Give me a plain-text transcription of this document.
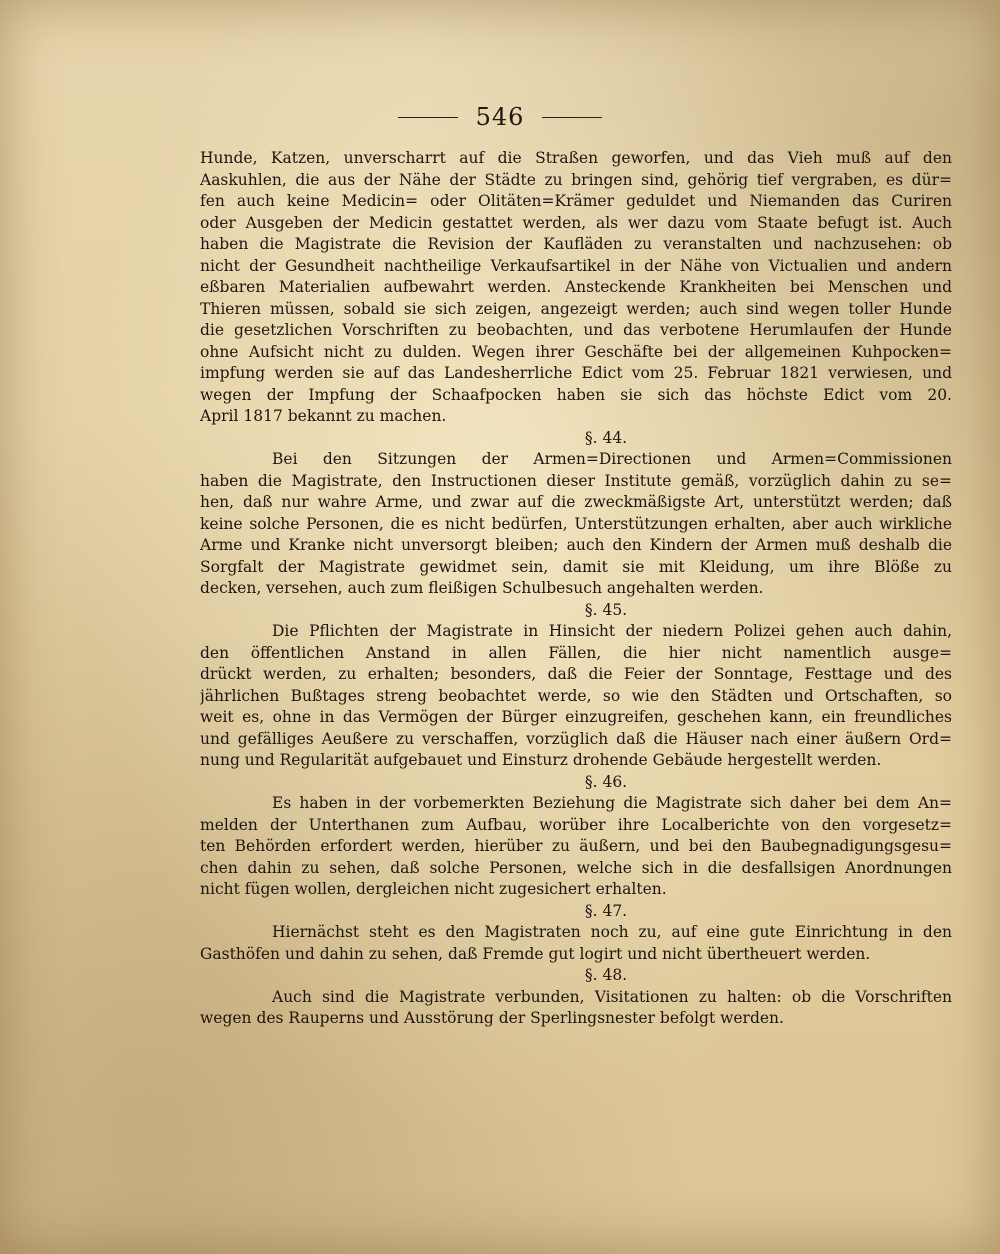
546
Hunde, Katzen, unverscharrt auf die Straßen geworfen, und das Vieh muß auf den
Aaskuhlen, die aus der Nähe der Städte zu bringen sind, gehörig tief vergraben, es dür=
fen auch keine Medicin= oder Olitäten=Krämer geduldet und Niemanden das Curiren
oder Ausgeben der Medicin gestattet werden, als wer dazu vom Staate befugt ist. Auch
haben die Magistrate die Revision der Kaufläden zu veranstalten und nachzusehen: ob
nicht der Gesundheit nachtheilige Verkaufsartikel in der Nähe von Victualien und andern
eßbaren Materialien aufbewahrt werden. Ansteckende Krankheiten bei Menschen und
Thieren müssen, sobald sie sich zeigen, angezeigt werden; auch sind wegen toller Hunde
die gesetzlichen Vorschriften zu beobachten, und das verbotene Herumlaufen der Hunde
ohne Aufsicht nicht zu dulden. Wegen ihrer Geschäfte bei der allgemeinen Kuhpocken=
impfung werden sie auf das Landesherrliche Edict vom 25. Februar 1821 verwiesen, und
wegen der Impfung der Schaafpocken haben sie sich das höchste Edict vom 20.
April 1817 bekannt zu machen.
§. 44.
Bei den Sitzungen der Armen=Directionen und Armen=Commissionen
haben die Magistrate, den Instructionen dieser Institute gemäß, vorzüglich dahin zu se=
hen, daß nur wahre Arme, und zwar auf die zweckmäßigste Art, unterstützt werden; daß
keine solche Personen, die es nicht bedürfen, Unterstützungen erhalten, aber auch wirkliche
Arme und Kranke nicht unversorgt bleiben; auch den Kindern der Armen muß deshalb die
Sorgfalt der Magistrate gewidmet sein, damit sie mit Kleidung, um ihre Blöße zu
decken, versehen, auch zum fleißigen Schulbesuch angehalten werden.
§. 45.
Die Pflichten der Magistrate in Hinsicht der niedern Polizei gehen auch dahin,
den öffentlichen Anstand in allen Fällen, die hier nicht namentlich ausge=
drückt werden, zu erhalten; besonders, daß die Feier der Sonntage, Festtage und des
jährlichen Bußtages streng beobachtet werde, so wie den Städten und Ortschaften, so
weit es, ohne in das Vermögen der Bürger einzugreifen, geschehen kann, ein freundliches
und gefälliges Aeußere zu verschaffen, vorzüglich daß die Häuser nach einer äußern Ord=
nung und Regularität aufgebauet und Einsturz drohende Gebäude hergestellt werden.
§. 46.
Es haben in der vorbemerkten Beziehung die Magistrate sich daher bei dem An=
melden der Unterthanen zum Aufbau, worüber ihre Localberichte von den vorgesetz=
ten Behörden erfordert werden, hierüber zu äußern, und bei den Baubegnadigungsgesu=
chen dahin zu sehen, daß solche Personen, welche sich in die desfallsigen Anordnungen
nicht fügen wollen, dergleichen nicht zugesichert erhalten.
§. 47.
Hiernächst steht es den Magistraten noch zu, auf eine gute Einrichtung in den
Gasthöfen und dahin zu sehen, daß Fremde gut logirt und nicht übertheuert werden.
§. 48.
Auch sind die Magistrate verbunden, Visitationen zu halten: ob die Vorschriften
wegen des Rauperns und Ausstörung der Sperlingsnester befolgt werden.
